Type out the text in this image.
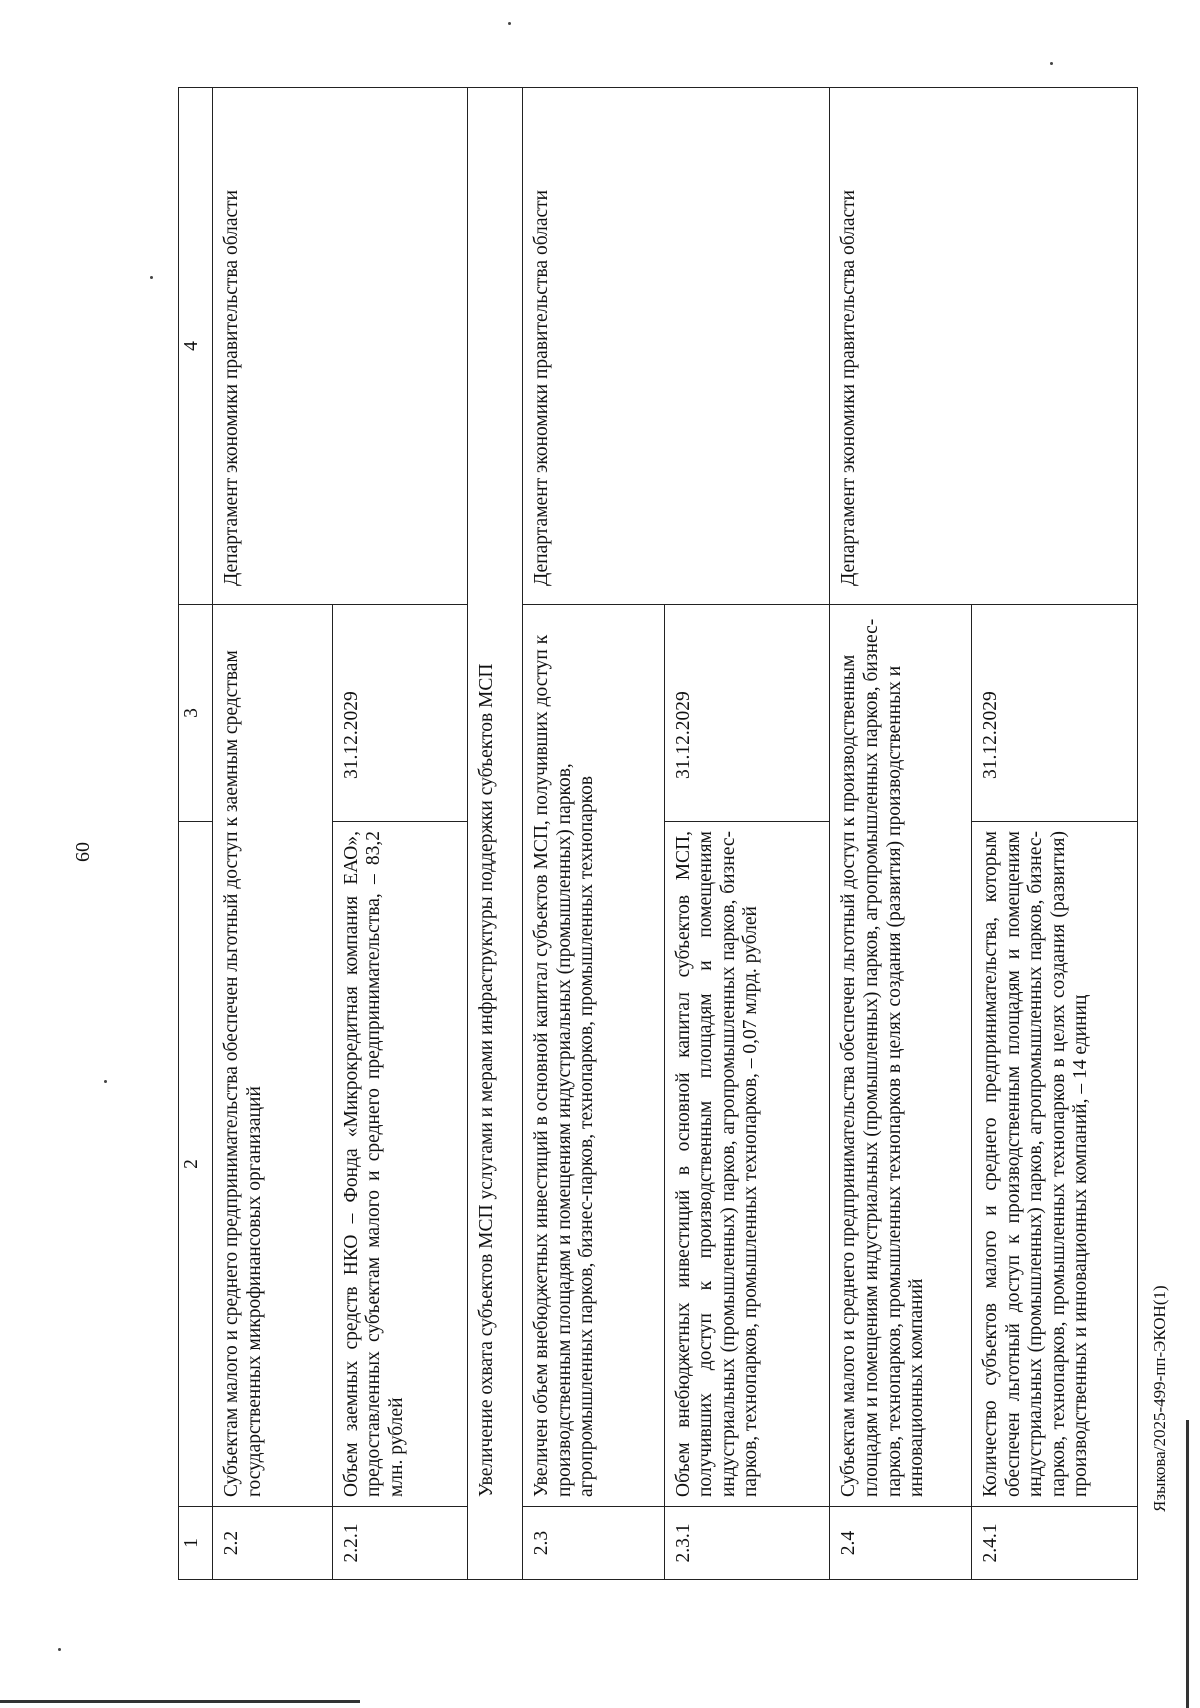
60
1	2	3	4
2.2	Субъектам малого и среднего предпринимательства обеспечен льготный доступ к заемным средствам государственных микрофинансовых организаций		Департамент экономики правительства области
2.2.1	Объем заемных средств НКО – Фонда «Микрокредитная компания ЕАО», предоставленных субъектам малого и среднего предпринимательства, – 83,2 млн. рублей	31.12.2029	
Увеличение охвата субъектов МСП услугами и мерами инфраструктуры поддержки субъектов МСП			
2.3	Увеличен объем внебюджетных инвестиций в основной капитал субъектов МСП, получивших доступ к производственным площадям и помещениям индустриальных (промышленных) парков, агропромышленных парков, бизнес-парков, технопарков, промышленных технопарков		Департамент экономики правительства области
2.3.1	Объем внебюджетных инвестиций в основной капитал субъектов МСП, получивших доступ к производственным площадям и помещениям индустриальных (промышленных) парков, агропромышленных парков, бизнес-парков, технопарков, промышленных технопарков, – 0,07 млрд. рублей	31.12.2029	
2.4	Субъектам малого и среднего предпринимательства обеспечен льготный доступ к производственным площадям и помещениям индустриальных (промышленных) парков, агропромышленных парков, бизнес-парков, технопарков, промышленных технопарков в целях создания (развития) производственных и инновационных компаний		Департамент экономики правительства области
2.4.1	Количество субъектов малого и среднего предпринимательства, которым обеспечен льготный доступ к производственным площадям и помещениям индустриальных (промышленных) парков, агропромышленных парков, бизнес-парков, технопарков, промышленных технопарков в целях создания (развития) производственных и инновационных компаний, – 14 единиц	31.12.2029	
Языкова/2025-499-пп-ЭКОН(1)
